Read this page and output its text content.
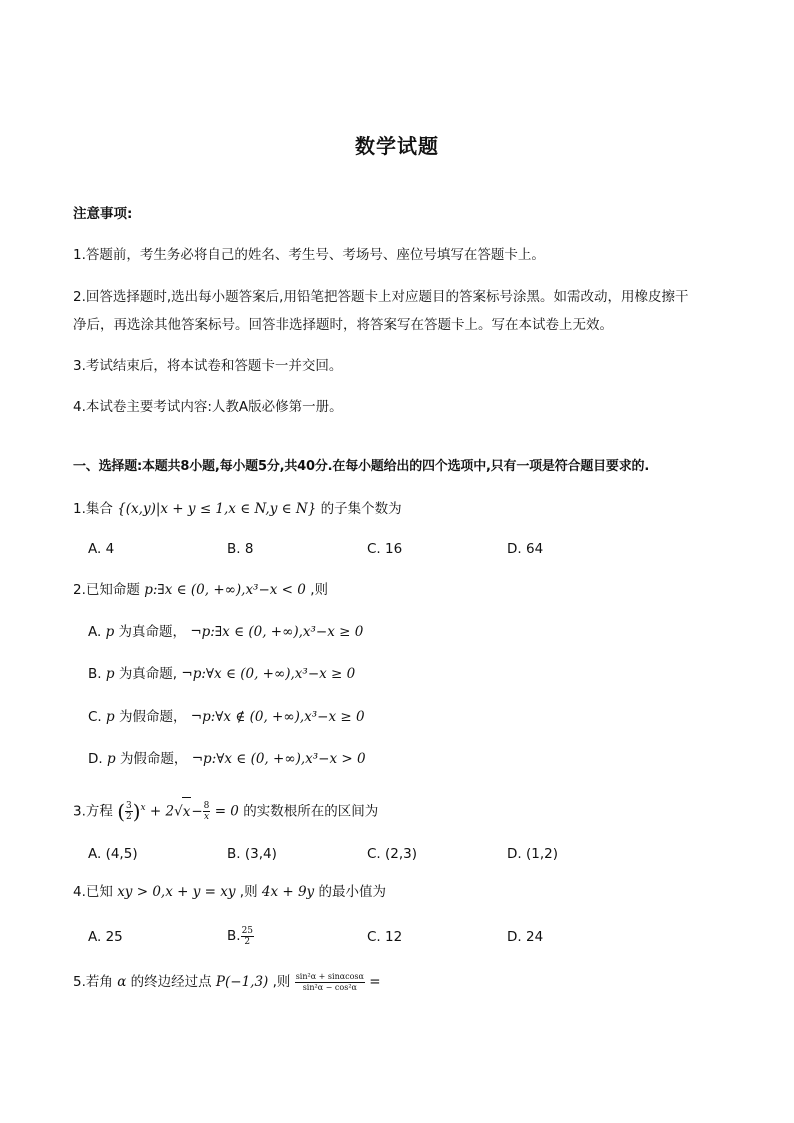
数学试题
注意事项:
1.答题前，考生务必将自己的姓名、考生号、考场号、座位号填写在答题卡上。
2.回答选择题时,选出每小题答案后,用铅笔把答题卡上对应题目的答案标号涂黑。如需改动，用橡皮擦干
净后，再选涂其他答案标号。回答非选择题时，将答案写在答题卡上。写在本试卷上无效。
3.考试结束后，将本试卷和答题卡一并交回。
4.本试卷主要考试内容:人教A版必修第一册。
一、选择题:本题共8小题,每小题5分,共40分.在每小题给出的四个选项中,只有一项是符合题目要求的.
1.集合 {(x,y)|x + y ≤ 1,x ∈ N,y ∈ N} 的子集个数为
A. 4	B. 8	C. 16	D. 64
2.已知命题 p:∃x ∈ (0, +∞),x³−x < 0 ,则
A. p 为真命题， ¬p:∃x ∈ (0, +∞),x³−x ≥ 0
B. p 为真命题, ¬p:∀x ∈ (0, +∞),x³−x ≥ 0
C. p 为假命题， ¬p:∀x ∉ (0, +∞),x³−x ≥ 0
D. p 为假命题， ¬p:∀x ∈ (0, +∞),x³−x > 0
3.方程 ( $\frac{3}{2} )^x + 2√x- \frac{8}{x} = 0$ 的实数根所在的区间为
A. (4,5)	B. (3,4)	C. (2,3)	D. (1,2)
4.已知 xy > 0,x + y = xy ,则 4x + 9y 的最小值为
A. 25	B. $\frac{25}{2}$	C. 12	D. 24
5.若角 α 的终边经过点 P(−1,3) ,则 $\frac{\text{sin²α + sinαcosα}}{\text{sin²α − cos²α}}$ =
